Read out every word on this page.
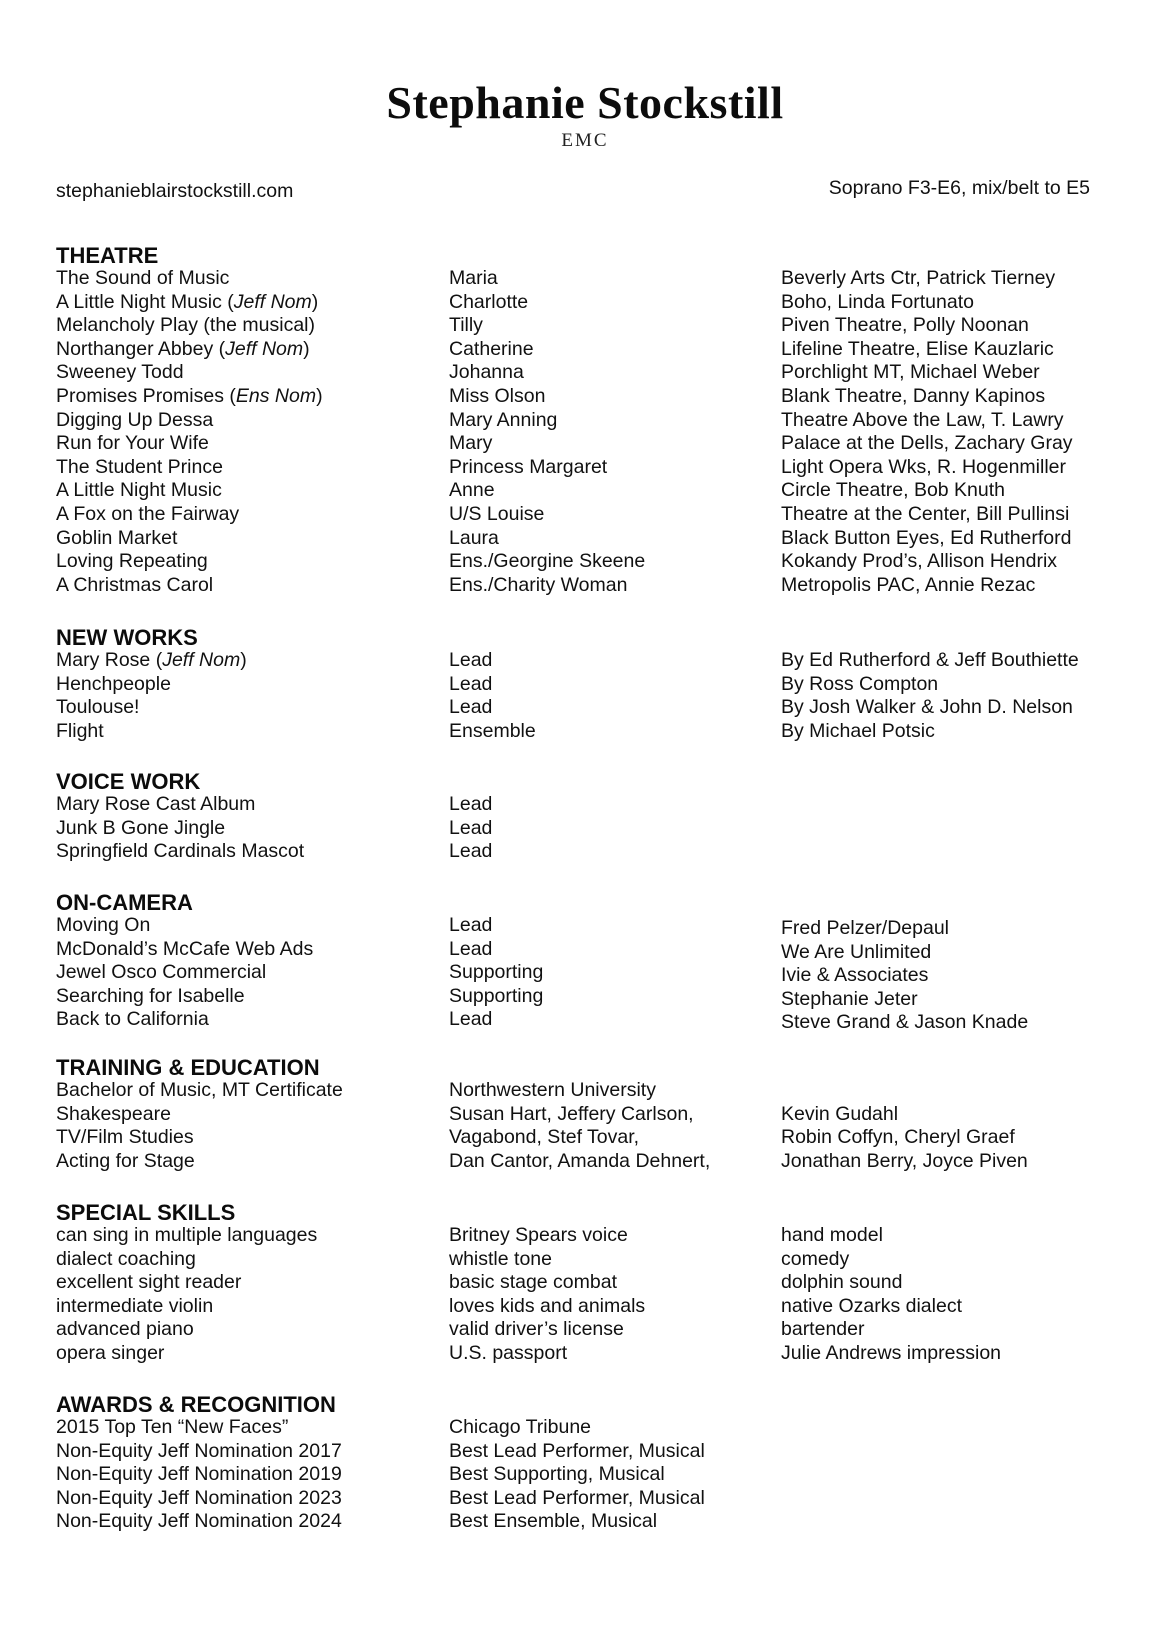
Stephanie Stockstill
EMC
stephanieblairstockstill.com	Soprano F3-E6, mix/belt to E5
THEATRE
The Sound of Music
A Little Night Music (Jeff Nom)
Melancholy Play (the musical)
Northanger Abbey (Jeff Nom)
Sweeney Todd
Promises Promises (Ens Nom)
Digging Up Dessa
Run for Your Wife
The Student Prince
A Little Night Music
A Fox on the Fairway
Goblin Market
Loving Repeating
A Christmas Carol
Maria
Charlotte
Tilly
Catherine
Johanna
Miss Olson
Mary Anning
Mary
Princess Margaret
Anne
U/S Louise
Laura
Ens./Georgine Skeene
Ens./Charity Woman
Beverly Arts Ctr, Patrick Tierney
Boho, Linda Fortunato
Piven Theatre, Polly Noonan
Lifeline Theatre, Elise Kauzlaric
Porchlight MT, Michael Weber
Blank Theatre, Danny Kapinos
Theatre Above the Law, T. Lawry
Palace at the Dells, Zachary Gray
Light Opera Wks, R. Hogenmiller
Circle Theatre, Bob Knuth
Theatre at the Center, Bill Pullinsi
Black Button Eyes, Ed Rutherford
Kokandy Prod’s, Allison Hendrix
Metropolis PAC, Annie Rezac
NEW WORKS
Mary Rose (Jeff Nom)
Henchpeople
Toulouse!
Flight
Lead
Lead
Lead
Ensemble
By Ed Rutherford & Jeff Bouthiette
By Ross Compton
By Josh Walker & John D. Nelson
By Michael Potsic
VOICE WORK
Mary Rose Cast Album
Junk B Gone Jingle
Springfield Cardinals Mascot
Lead
Lead
Lead
ON-CAMERA
Moving On
McDonald’s McCafe Web Ads
Jewel Osco Commercial
Searching for Isabelle
Back to California
Lead
Lead
Supporting
Supporting
Lead
Fred Pelzer/Depaul
We Are Unlimited
Ivie & Associates
Stephanie Jeter
Steve Grand & Jason Knade
TRAINING & EDUCATION
Bachelor of Music, MT Certificate
Shakespeare
TV/Film Studies
Acting for Stage
Northwestern University
Susan Hart, Jeffery Carlson,
Vagabond, Stef Tovar,
Dan Cantor, Amanda Dehnert,
Kevin Gudahl
Robin Coffyn, Cheryl Graef
Jonathan Berry, Joyce Piven
SPECIAL SKILLS
can sing in multiple languages
dialect coaching
excellent sight reader
intermediate violin
advanced piano
opera singer
Britney Spears voice
whistle tone
basic stage combat
loves kids and animals
valid driver’s license
U.S. passport
hand model
comedy
dolphin sound
native Ozarks dialect
bartender
Julie Andrews impression
AWARDS & RECOGNITION
2015 Top Ten “New Faces”
Non-Equity Jeff Nomination 2017
Non-Equity Jeff Nomination 2019
Non-Equity Jeff Nomination 2023
Non-Equity Jeff Nomination 2024
Chicago Tribune
Best Lead Performer, Musical
Best Supporting, Musical
Best Lead Performer, Musical
Best Ensemble, Musical
